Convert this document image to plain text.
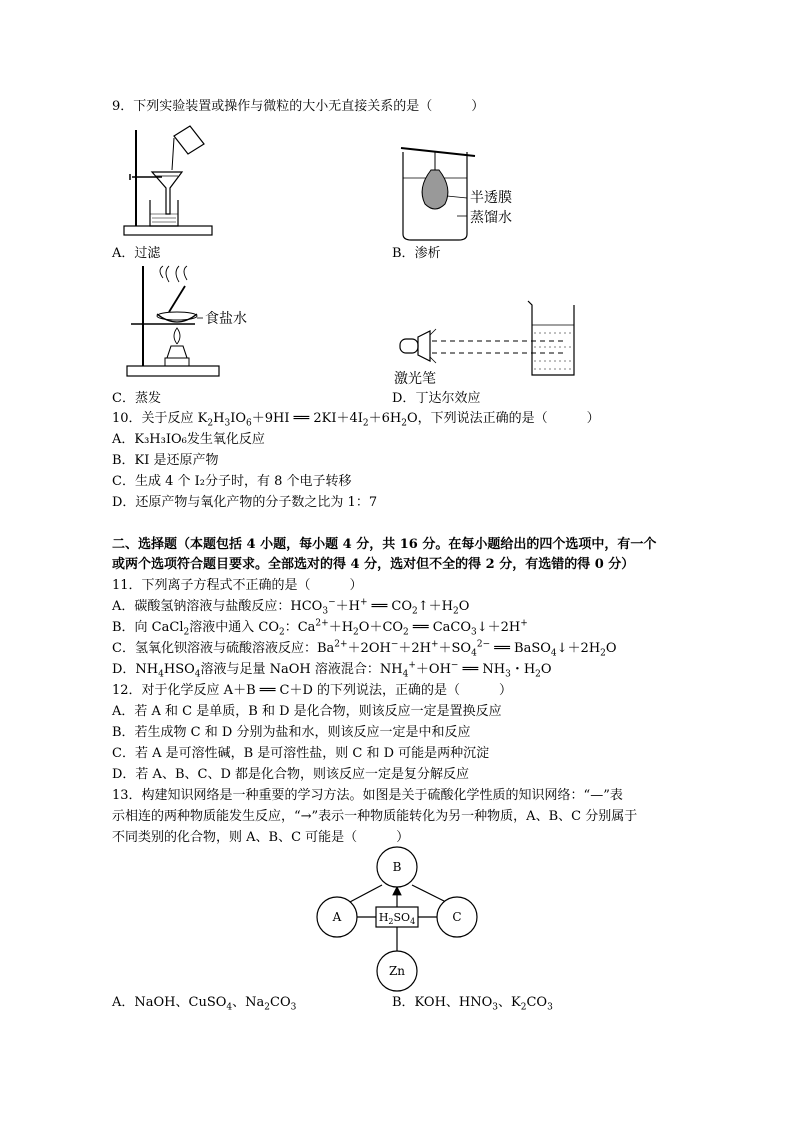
9．下列实验装置或操作与微粒的大小无直接关系的是（　　　）
半透膜
蒸馏水
A．过滤	B．渗析
食盐水
激光笔
C．蒸发	D．丁达尔效应
10．关于反应 $K_2H_3IO_6+9HI$ ══ $2KI+4I_2+6H_2O$，下列说法正确的是（　　　）
A．K₃H₃IO₆发生氧化反应
B．KI 是还原产物
C．生成 4 个 I₂分子时，有 8 个电子转移
D．还原产物与氧化产物的分子数之比为 1：7
二、选择题（本题包括 4 小题，每小题 4 分，共 16 分。在每小题给出的四个选项中，有一个
或两个选项符合题目要求。全部选对的得 4 分，选对但不全的得 2 分，有选错的得 0 分）
11．下列离子方程式不正确的是（　　　）
A．碳酸氢钠溶液与盐酸反应：$HCO_3^-+H^+$ ══ $CO_2↑+H_2O$
B．向 CaCl$_2$溶液中通入 $CO_2$：$Ca^{2+}+H_2O+CO_2$ ══ CaCO$_3$↓＋2H+
C．氢氧化钡溶液与硫酸溶液反应：$Ba^{2+}+2OH^-+2H^++SO_4^{2-}$ ══ $BaSO_4↓+2H_2O$
D．$NH_4HSO_4$溶液与足量 NaOH 溶液混合：$NH_4^++OH^-$ ══ $NH_3$・$H_2O$
12．对于化学反应 A＋B ══ C＋D 的下列说法，正确的是（　　　）
A．若 A 和 C 是单质，B 和 D 是化合物，则该反应一定是置换反应
B．若生成物 C 和 D 分别为盐和水，则该反应一定是中和反应
C．若 A 是可溶性碱，B 是可溶性盐，则 C 和 D 可能是两种沉淀
D．若 A、B、C、D 都是化合物，则该反应一定是复分解反应
13．构建知识网络是一种重要的学习方法。如图是关于硫酸化学性质的知识网络：“—”表
示相连的两种物质能发生反应，“→”表示一种物质能转化为另一种物质，A、B、C 分别属于
不同类别的化合物，则 A、B、C 可能是（　　　）
B
A	C
Zn
$H_2SO_4$
A．NaOH、CuSO$_4$、$Na_2CO_3$	B．KOH、$HNO_3$、$K_2CO_3$
